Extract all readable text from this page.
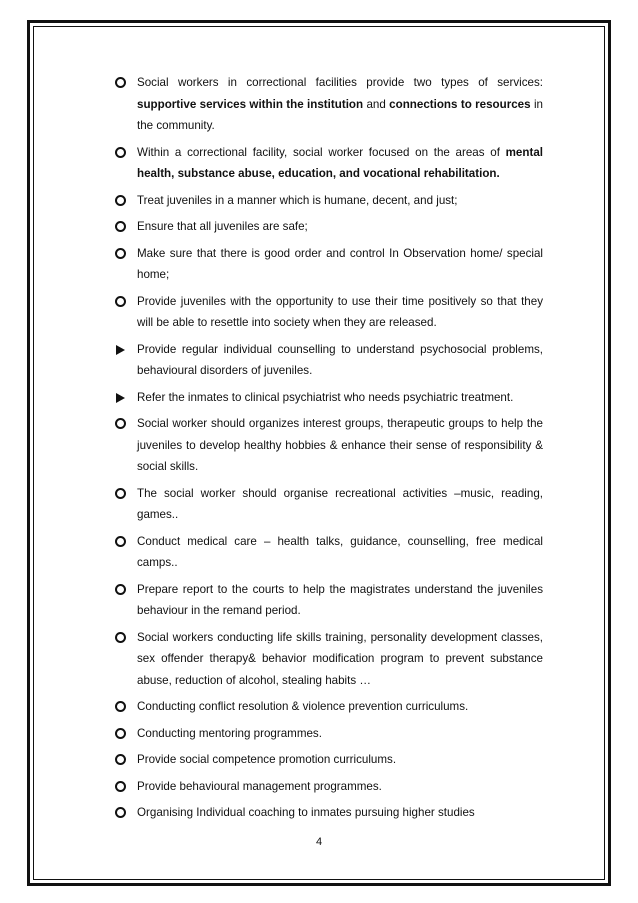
Social workers in correctional facilities provide two types of services: supportive services within the institution and connections to resources in the community.
Within a correctional facility, social worker focused on the areas of mental health, substance abuse, education, and vocational rehabilitation.
Treat juveniles in a manner which is humane, decent, and just;
Ensure that all juveniles are safe;
Make sure that there is good order and control In Observation home/ special home;
Provide juveniles with the opportunity to use their time positively so that they will be able to resettle into society when they are released.
Provide regular individual counselling to understand psychosocial problems, behavioural disorders of juveniles.
Refer the inmates to clinical psychiatrist who needs psychiatric treatment.
Social worker should organizes interest groups, therapeutic groups to help the juveniles to develop healthy hobbies & enhance their sense of responsibility & social skills.
The social worker should organise recreational activities –music, reading, games..
Conduct medical care – health talks, guidance, counselling, free medical camps..
Prepare report to the courts to help the magistrates understand the juveniles behaviour in the remand period.
Social workers conducting life skills training, personality development classes, sex offender therapy& behavior modification program to prevent substance abuse, reduction of alcohol, stealing habits …
Conducting conflict resolution & violence prevention curriculums.
Conducting mentoring programmes.
Provide social competence promotion curriculums.
Provide behavioural management programmes.
Organising Individual coaching to inmates pursuing higher studies
4
